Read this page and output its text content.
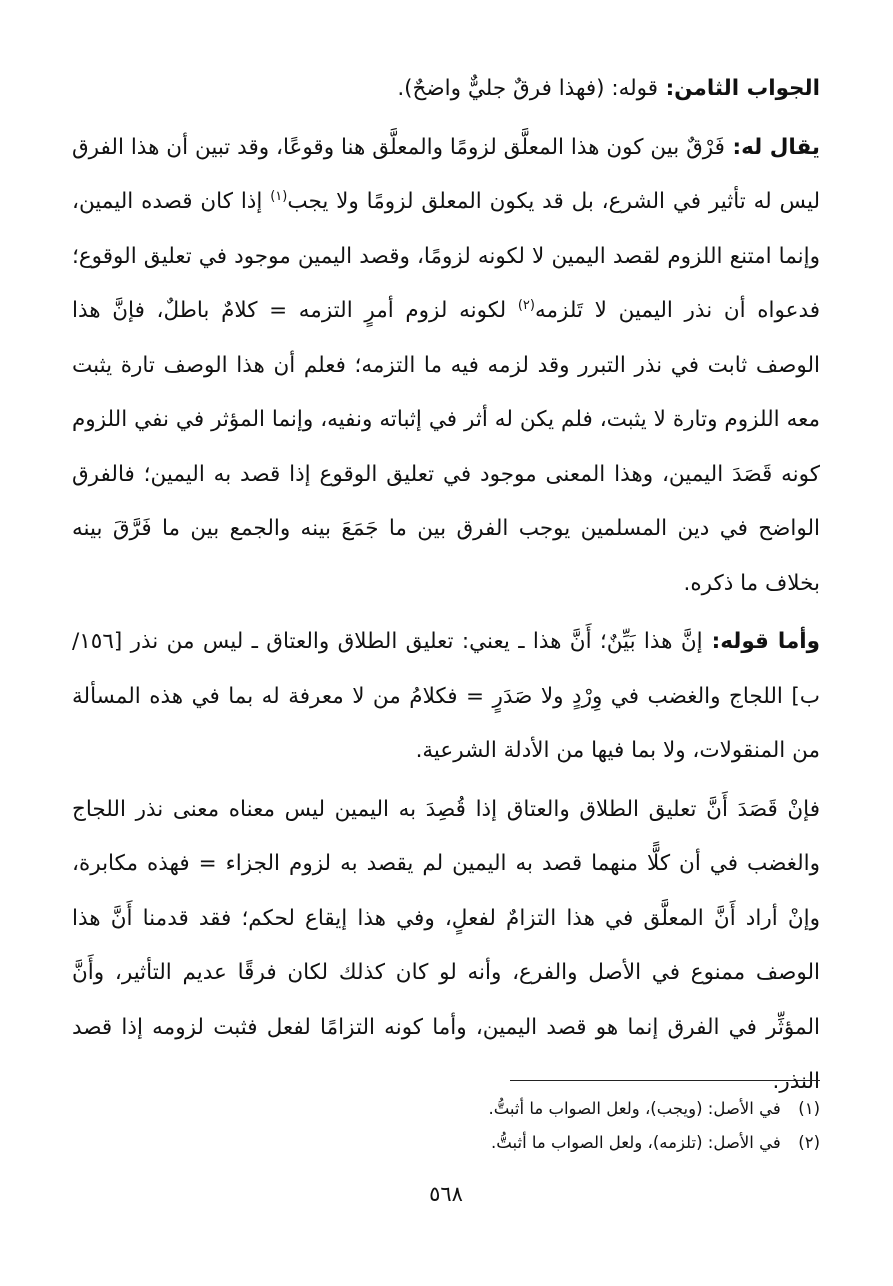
الجواب الثامن: قوله: (فهذا فرقٌ جليٌّ واضحٌ).

يقال له: فَرْقٌ بين كون هذا المعلَّق لزومًا والمعلَّق هنا وقوعًا، وقد تبين أن هذا الفرق ليس له تأثير في الشرع، بل قد يكون المعلق لزومًا ولا يجب$^{(١)}$ إذا كان قصده اليمين، وإنما امتنع اللزوم لقصد اليمين لا لكونه لزومًا، وقصد اليمين موجود في تعليق الوقوع؛ فدعواه أن نذر اليمين لا تَلزمه$^{(٢)}$ لكونه لزوم أمرٍ التزمه = كلامٌ باطلٌ، فإنَّ هذا الوصف ثابت في نذر التبرر وقد لزمه فيه ما التزمه؛ فعلم أن هذا الوصف تارة يثبت معه اللزوم وتارة لا يثبت، فلم يكن له أثر في إثباته ونفيه، وإنما المؤثر في نفي اللزوم كونه قَصَدَ اليمين، وهذا المعنى موجود في تعليق الوقوع إذا قصد به اليمين؛ فالفرق الواضح في دين المسلمين يوجب الفرق بين ما جَمَعَ بينه والجمع بين ما فَرَّقَ بينه بخلاف ما ذكره.

وأما قوله: إنَّ هذا بَيِّنٌ؛ أَنَّ هذا ـ يعني: تعليق الطلاق والعتاق ـ ليس من نذر [١٥٦/ ب] اللجاج والغضب في وِرْدٍ ولا صَدَرٍ = فكلامُ من لا معرفة له بما في هذه المسألة من المنقولات، ولا بما فيها من الأدلة الشرعية.

فإنْ قَصَدَ أَنَّ تعليق الطلاق والعتاق إذا قُصِدَ به اليمين ليس معناه معنى نذر اللجاج والغضب في أن كلًّا منهما قصد به اليمين لم يقصد به لزوم الجزاء = فهذه مكابرة، وإنْ أراد أَنَّ المعلَّق في هذا التزامٌ لفعلٍ، وفي هذا إيقاع لحكم؛ فقد قدمنا أَنَّ هذا الوصف ممنوع في الأصل والفرع، وأنه لو كان كذلك لكان فرقًا عديم التأثير، وأَنَّ المؤثِّر في الفرق إنما هو قصد اليمين، وأما كونه التزامًا لفعل فثبت لزومه إذا قصد النذر.

(١) في الأصل: (ويجب)، ولعل الصواب ما أثبتُّ.

(٢) في الأصل: (تلزمه)، ولعل الصواب ما أثبتُّ.

٥٦٨
